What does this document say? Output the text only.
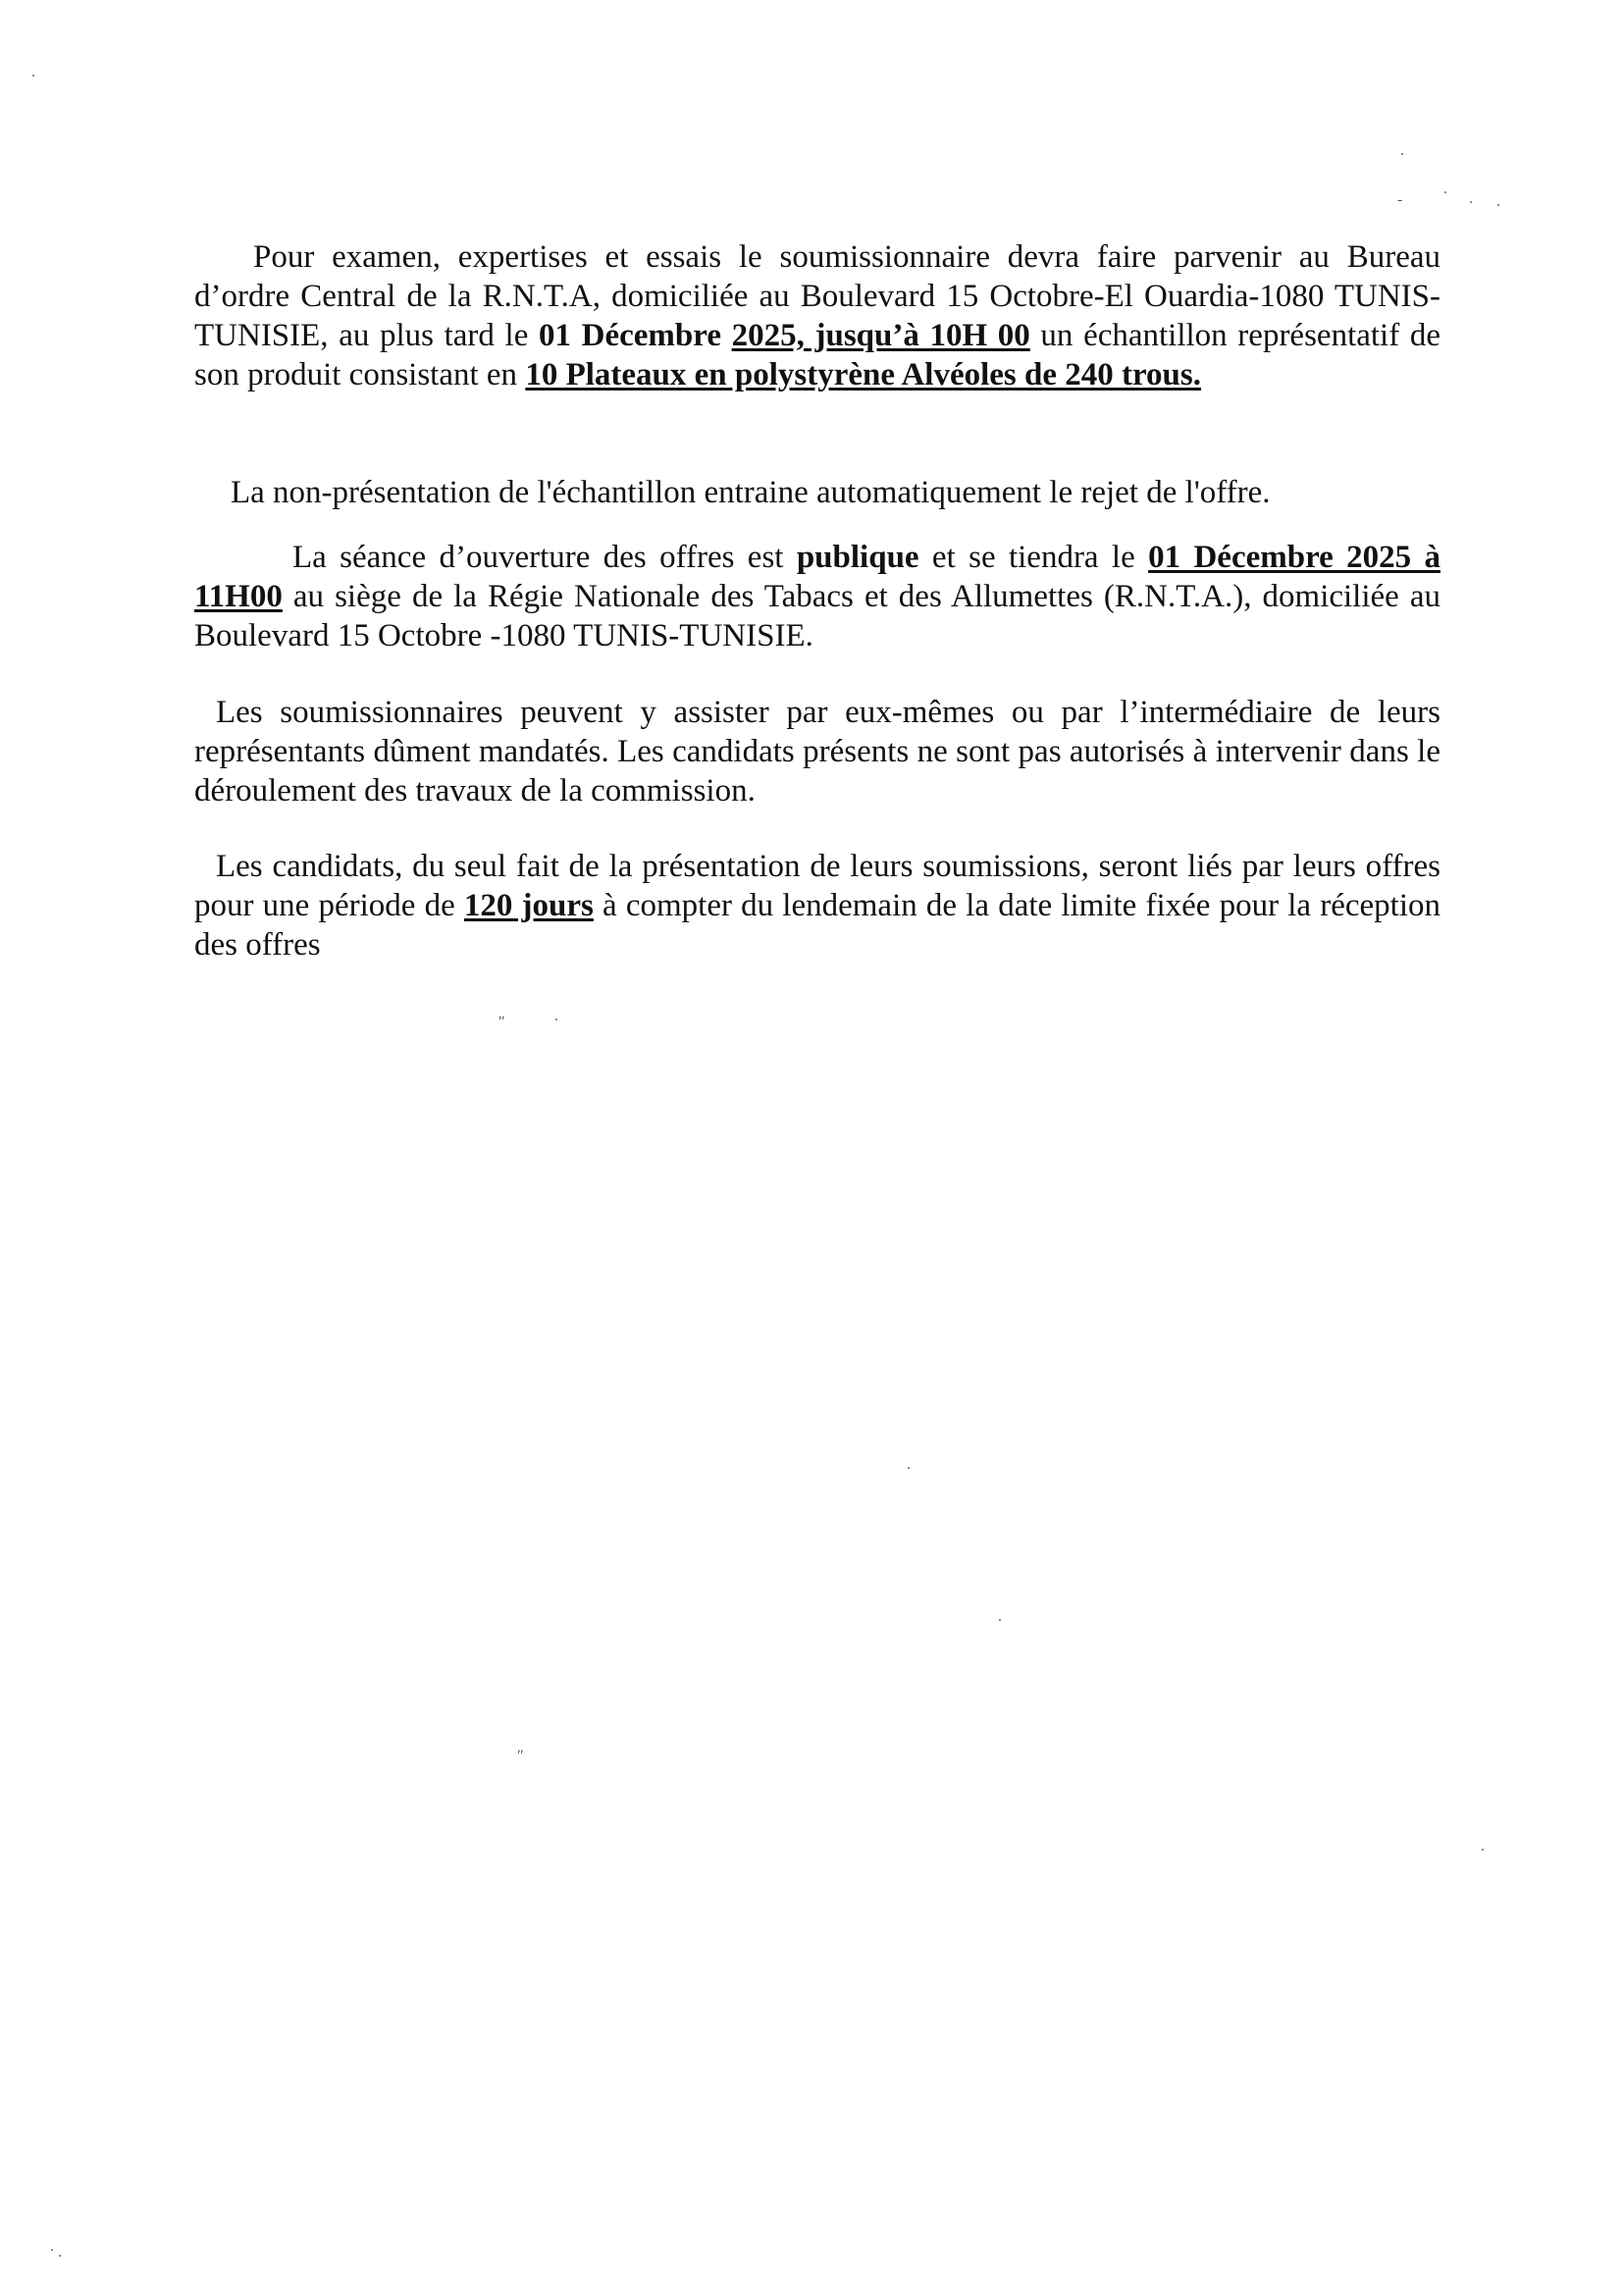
Pour examen, expertises et essais le soumissionnaire devra faire parvenir au Bureau d’ordre Central de la R.N.T.A, domiciliée au Boulevard 15 Octobre-El Ouardia-1080 TUNIS-TUNISIE, au plus tard le 01 Décembre 2025, jusqu’à 10H 00 un échantillon représentatif de son produit consistant en 10 Plateaux en polystyrène Alvéoles de 240 trous.

La non-présentation de l'échantillon entraine automatiquement le rejet de l'offre.

La séance d’ouverture des offres est publique et se tiendra le 01 Décembre 2025 à 11H00 au siège de la Régie Nationale des Tabacs et des Allumettes (R.N.T.A.), domiciliée au Boulevard 15 Octobre -1080 TUNIS-TUNISIE.

Les soumissionnaires peuvent y assister par eux-mêmes ou par l’intermédiaire de leurs représentants dûment mandatés. Les candidats présents ne sont pas autorisés à intervenir dans le déroulement des travaux de la commission.

Les candidats, du seul fait de la présentation de leurs soumissions, seront liés par leurs offres pour une période de 120 jours à compter du lendemain de la date limite fixée pour la réception des offres

ʺ
ʺ
-
